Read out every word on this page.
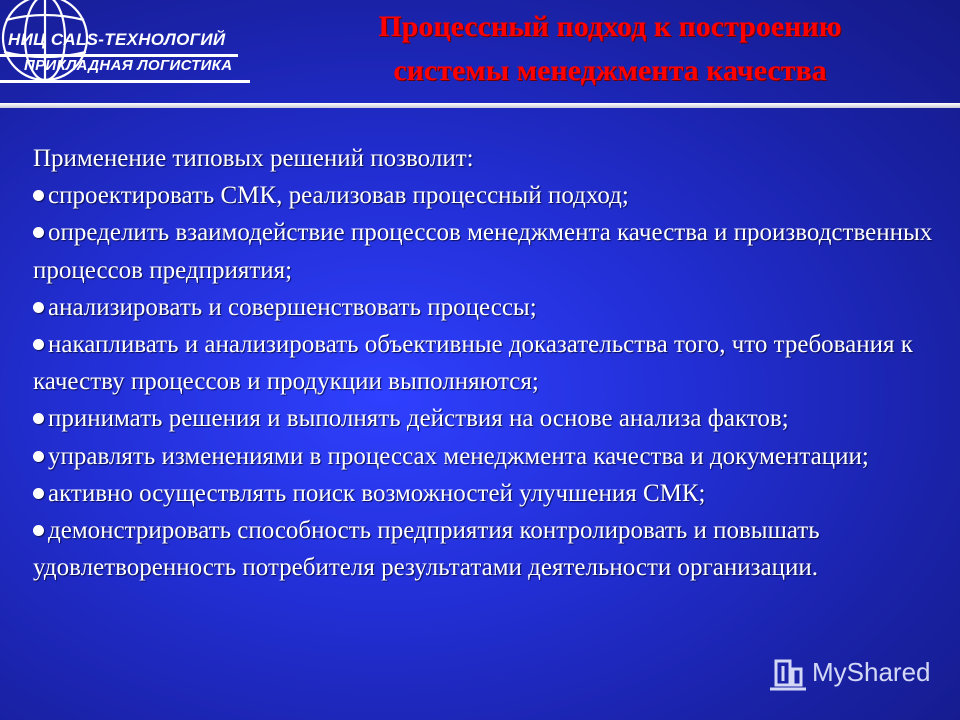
НИЦ CALS-ТЕХНОЛОГИЙ
ПРИКЛАДНАЯ ЛОГИСТИКА
Процессный подход к построению
системы менеджмента качества

Применение типовых решений позволит:

спроектировать СМК, реализовав процессный подход;

определить взаимодействие процессов менеджмента качества и производственных процессов предприятия;

анализировать и совершенствовать процессы;

накапливать и анализировать объективные доказательства того, что требования к качеству процессов и продукции выполняются;

принимать решения и выполнять действия на основе анализа фактов;

управлять изменениями в процессах менеджмента качества и документации;

активно осуществлять поиск возможностей улучшения СМК;

демонстрировать способность предприятия контролировать и повышать удовлетворенность потребителя результатами деятельности организации.

MyShared
